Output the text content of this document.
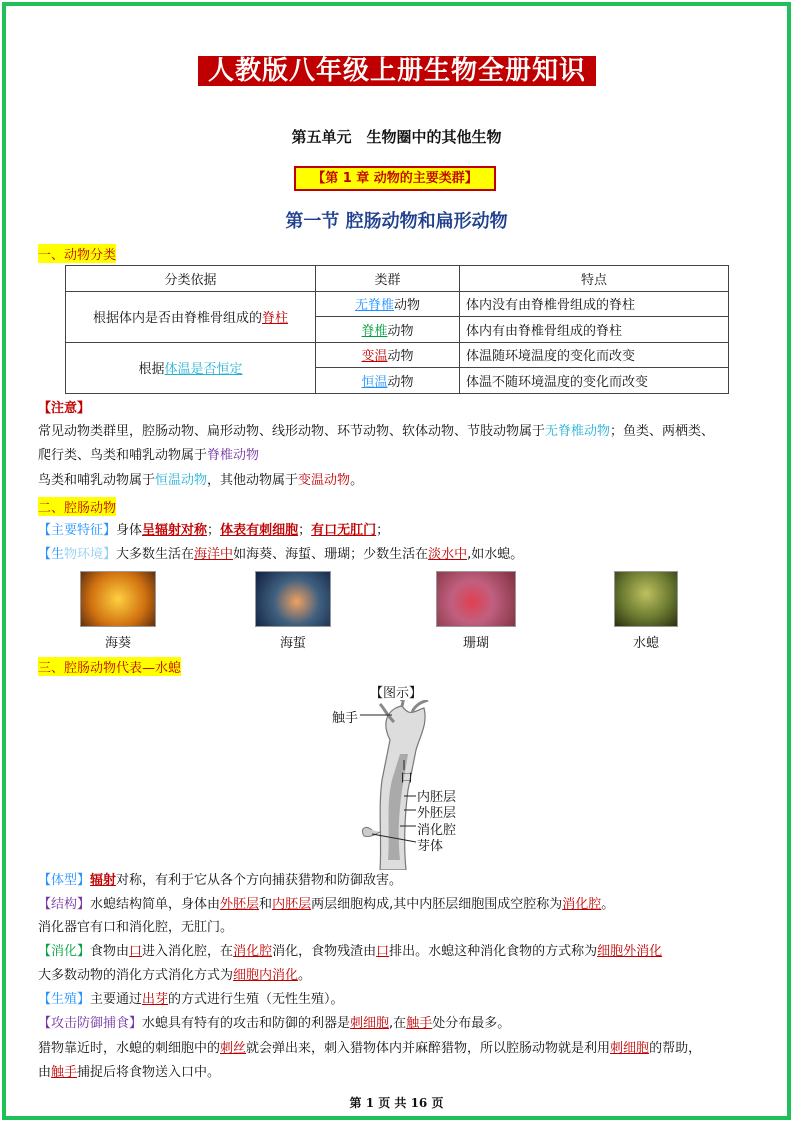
人教版八年级上册生物全册知识总结
第五单元　生物圈中的其他生物
【第 1 章 动物的主要类群】
第一节 腔肠动物和扁形动物
一、动物分类
分类依据	类群	特点
根据体内是否由脊椎骨组成的脊柱	无脊椎动物	体内没有由脊椎骨组成的脊柱
	脊椎动物	体内有由脊椎骨组成的脊柱
根据体温是否恒定	变温动物	体温随环境温度的变化而改变
	恒温动物	体温不随环境温度的变化而改变
【注意】
常见动物类群里，腔肠动物、扁形动物、线形动物、环节动物、软体动物、节肢动物属于无脊椎动物；鱼类、两栖类、
爬行类、鸟类和哺乳动物属于脊椎动物
鸟类和哺乳动物属于恒温动物，其他动物属于变温动物。
二、腔肠动物
【主要特征】身体呈辐射对称；体表有刺细胞；有口无肛门；
【生物环境】大多数生活在海洋中如海葵、海蜇、珊瑚；少数生活在淡水中,如水螅。
海葵	海蜇	珊瑚	水螅
三、腔肠动物代表—水螅
【图示】
触手
口
内胚层
外胚层
消化腔
芽体
【体型】辐射对称，有利于它从各个方向捕获猎物和防御敌害。
【结构】水螅结构简单，身体由外胚层和内胚层两层细胞构成,其中内胚层细胞围成空腔称为消化腔。
消化器官有口和消化腔，无肛门。
【消化】食物由口进入消化腔，在消化腔消化，食物残渣由口排出。水螅这种消化食物的方式称为细胞外消化
大多数动物的消化方式消化方式为细胞内消化。
【生殖】主要通过出芽的方式进行生殖（无性生殖）。
【攻击防御捕食】水螅具有特有的攻击和防御的利器是刺细胞,在触手处分布最多。
猎物靠近时，水螅的刺细胞中的刺丝就会弹出来，刺入猎物体内并麻醉猎物，所以腔肠动物就是利用刺细胞的帮助，
由触手捕捉后将食物送入口中。
第 1 页 共 16 页
